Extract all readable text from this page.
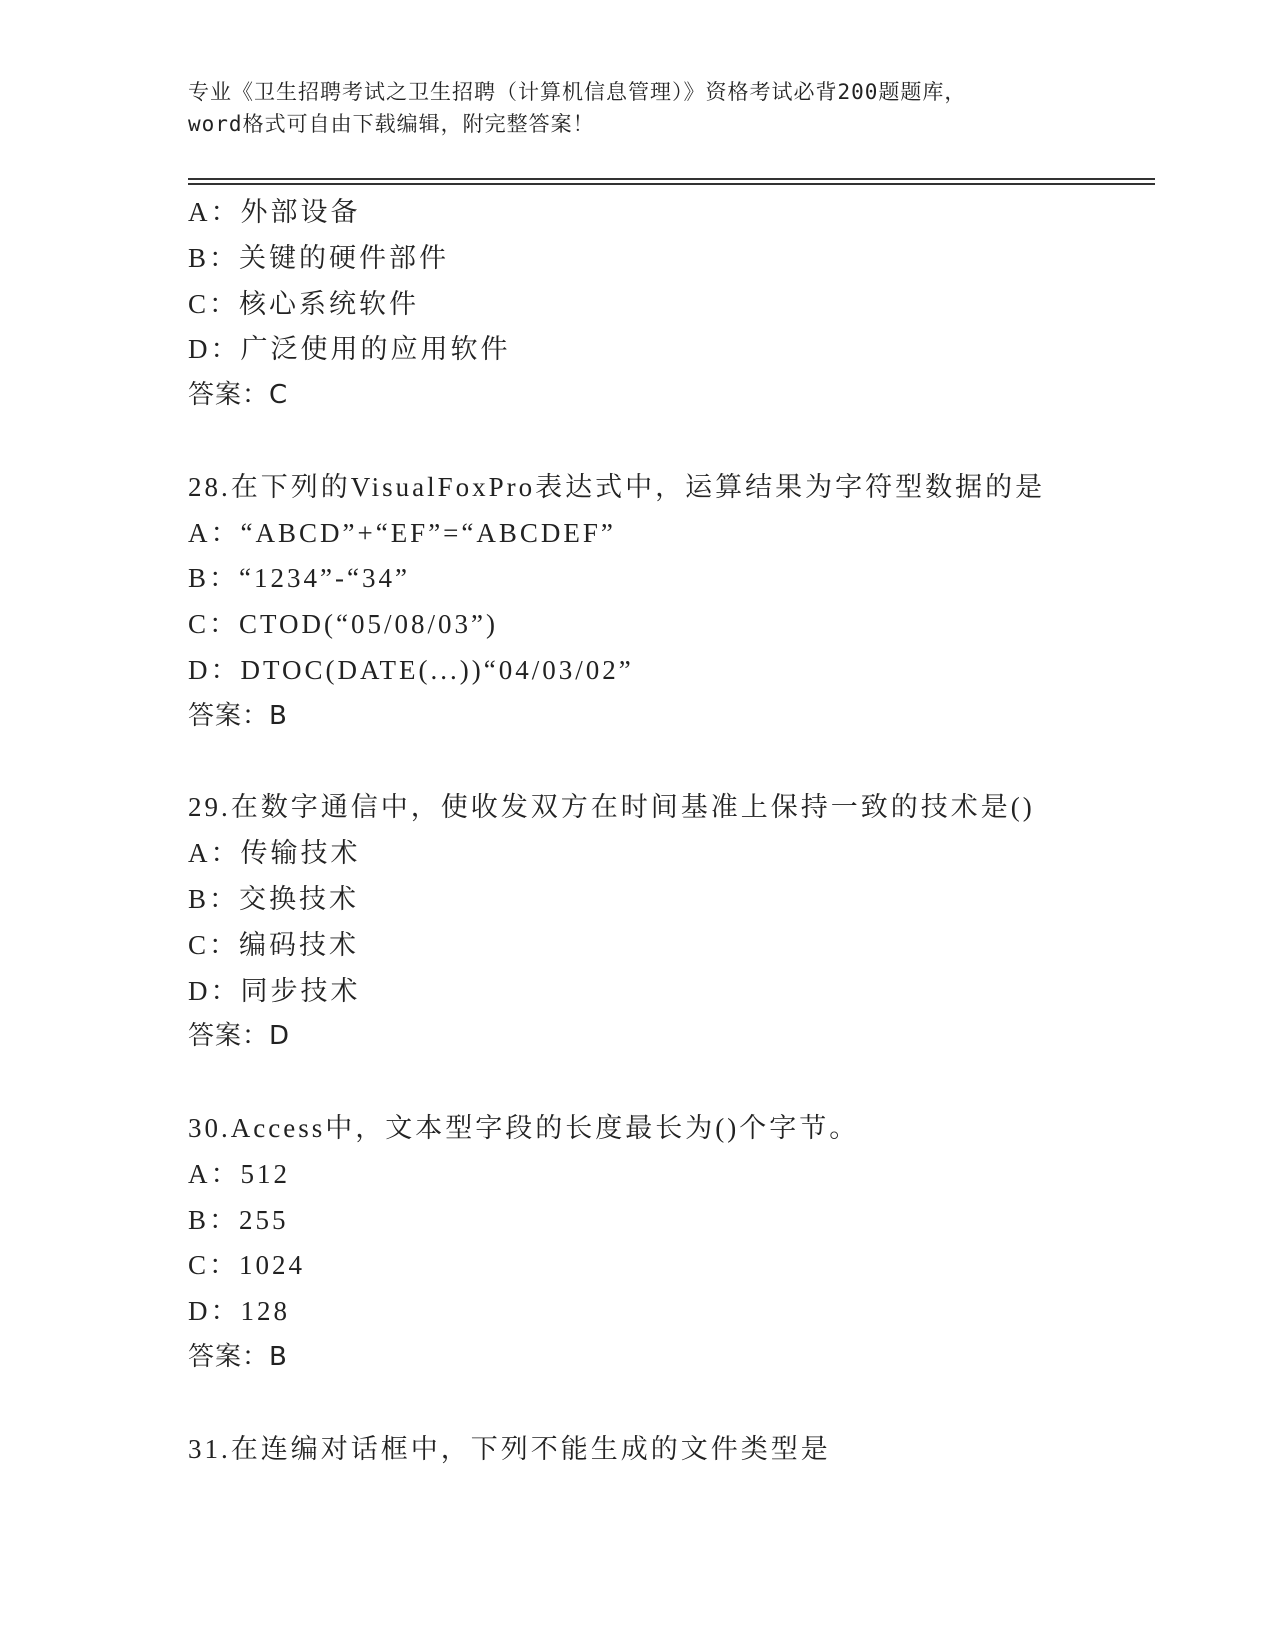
专业《卫生招聘考试之卫生招聘（计算机信息管理）》资格考试必背200题题库，
word格式可自由下载编辑，附完整答案！
A：外部设备
B：关键的硬件部件
C：核心系统软件
D：广泛使用的应用软件
答案：C
28.在下列的VisualFoxPro表达式中，运算结果为字符型数据的是
A：“ABCD”+“EF”=“ABCDEF”
B：“1234”-“34”
C：CTOD(“05/08/03”)
D：DTOC(DATE(...))“04/03/02”
答案：B
29.在数字通信中，使收发双方在时间基准上保持一致的技术是()
A：传输技术
B：交换技术
C：编码技术
D：同步技术
答案：D
30.Access中，文本型字段的长度最长为()个字节。
A：512
B：255
C：1024
D：128
答案：B
31.在连编对话框中，下列不能生成的文件类型是
